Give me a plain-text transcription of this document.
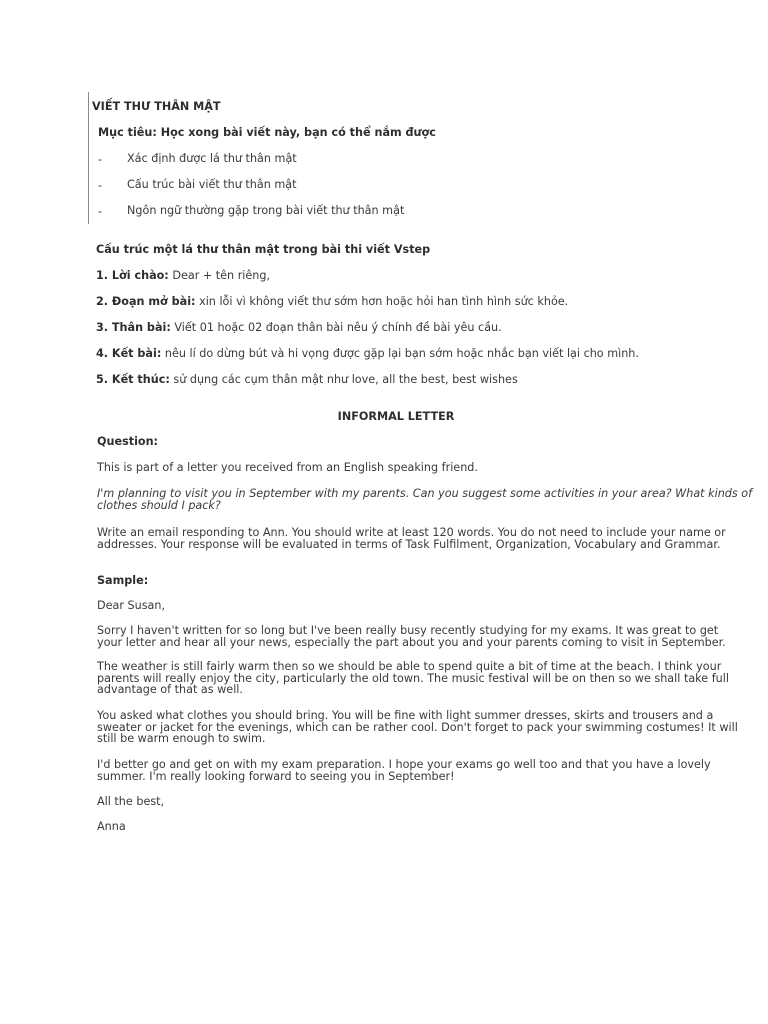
VIẾT THƯ THÂN MẬT
Mục tiêu: Học xong bài viết này, bạn có thể nắm được
- Xác định được lá thư thân mật
- Cấu trúc bài viết thư thân mật
- Ngôn ngữ thường gặp trong bài viết thư thân mật
Cấu trúc một lá thư thân mật trong bài thi viết Vstep
1. Lời chào: Dear + tên riêng,
2. Đoạn mở bài: xin lỗi vì không viết thư sớm hơn hoặc hỏi han tình hình sức khỏe.
3. Thân bài: Viết 01 hoặc 02 đoạn thân bài nêu ý chính đề bài yêu cầu.
4. Kết bài: nêu lí do dừng bút và hi vọng được gặp lại bạn sớm hoặc nhắc bạn viết lại cho mình.
5. Kết thúc: sử dụng các cụm thân mật như love, all the best, best wishes
INFORMAL LETTER
Question:
This is part of a letter you received from an English speaking friend.

I'm planning to visit you in September with my parents. Can you suggest some activities in your area? What kinds of

clothes should I pack?

Write an email responding to Ann. You should write at least 120 words. You do not need to include your name or

addresses. Your response will be evaluated in terms of Task Fulfilment, Organization, Vocabulary and Grammar.

Sample:
Dear Susan,

Sorry I haven't written for so long but I've been really busy recently studying for my exams. It was great to get

your letter and hear all your news, especially the part about you and your parents coming to visit in September.

The weather is still fairly warm then so we should be able to spend quite a bit of time at the beach. I think your

parents will really enjoy the city, particularly the old town. The music festival will be on then so we shall take full

advantage of that as well.

You asked what clothes you should bring. You will be fine with light summer dresses, skirts and trousers and a

sweater or jacket for the evenings, which can be rather cool. Don't forget to pack your swimming costumes! It will

still be warm enough to swim.

I'd better go and get on with my exam preparation. I hope your exams go well too and that you have a lovely

summer. I'm really looking forward to seeing you in September!

All the best,
Anna
